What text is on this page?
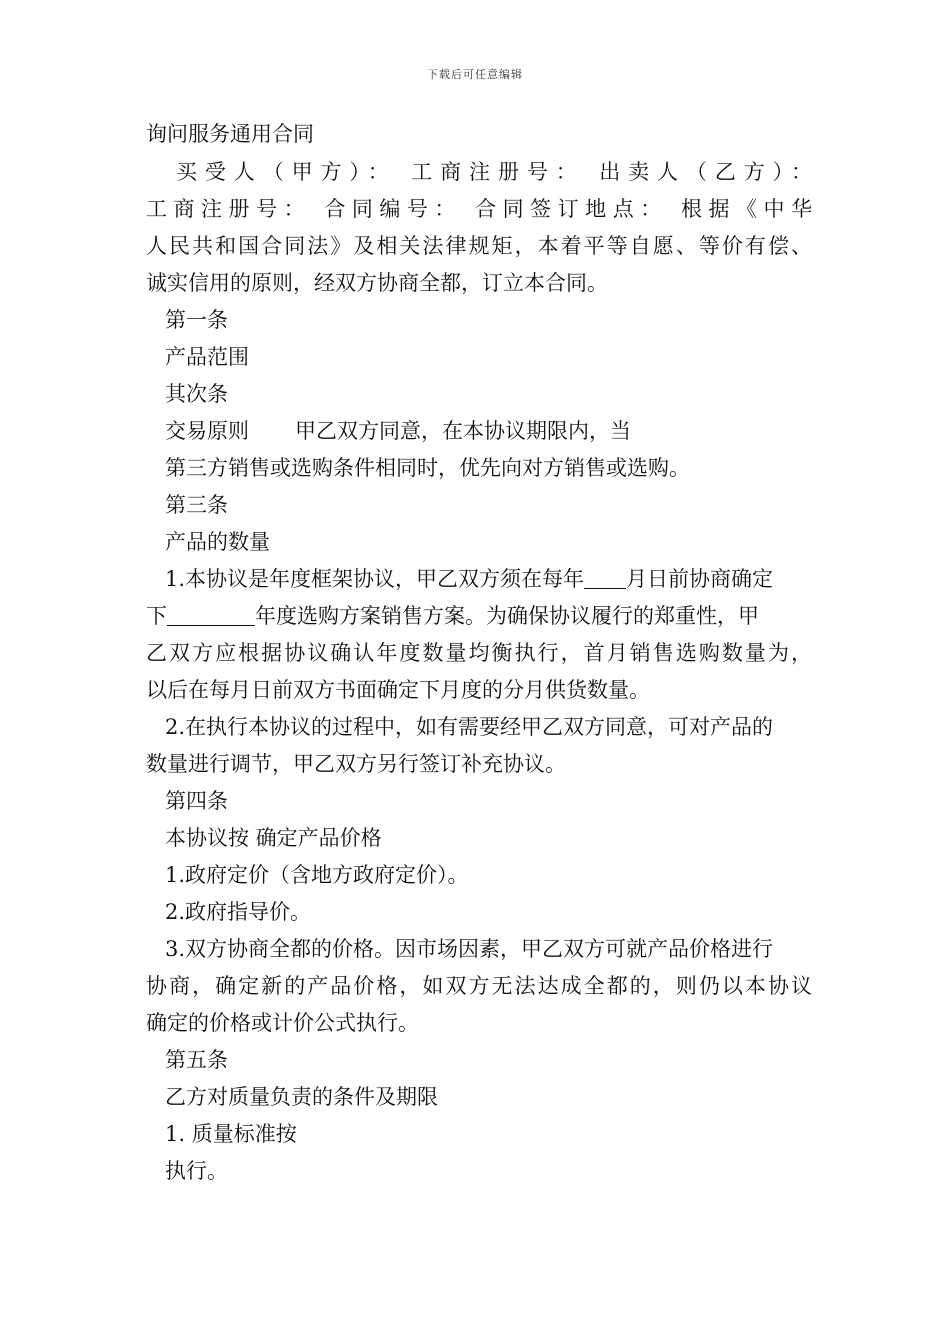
下载后可任意编辑
询问服务通用合同
买受人（甲方）： 工商注册号： 出卖人（乙方）：
工商注册号： 合同编号： 合同签订地点： 根据《中华
人民共和国合同法》及相关法律规矩，本着平等自愿、等价有偿、
诚实信用的原则，经双方协商全都，订立本合同。
第一条
产品范围
其次条
交易原则 甲乙双方同意，在本协议期限内，当
第三方销售或选购条件相同时，优先向对方销售或选购。
第三条
产品的数量
1.本协议是年度框架协议，甲乙双方须在每年 月日前协商确定
下	年度选购方案销售方案。为确保协议履行的郑重性，甲
乙双方应根据协议确认年度数量均衡执行，首月销售选购数量为，
以后在每月日前双方书面确定下月度的分月供货数量。
2.在执行本协议的过程中，如有需要经甲乙双方同意，可对产品的
数量进行调节，甲乙双方另行签订补充协议。
第四条
本协议按 确定产品价格
1.政府定价（含地方政府定价）。
2.政府指导价。
3.双方协商全都的价格。因市场因素，甲乙双方可就产品价格进行
协商，确定新的产品价格，如双方无法达成全都的，则仍以本协议
确定的价格或计价公式执行。
第五条
乙方对质量负责的条件及期限
1. 质量标准按
执行。
